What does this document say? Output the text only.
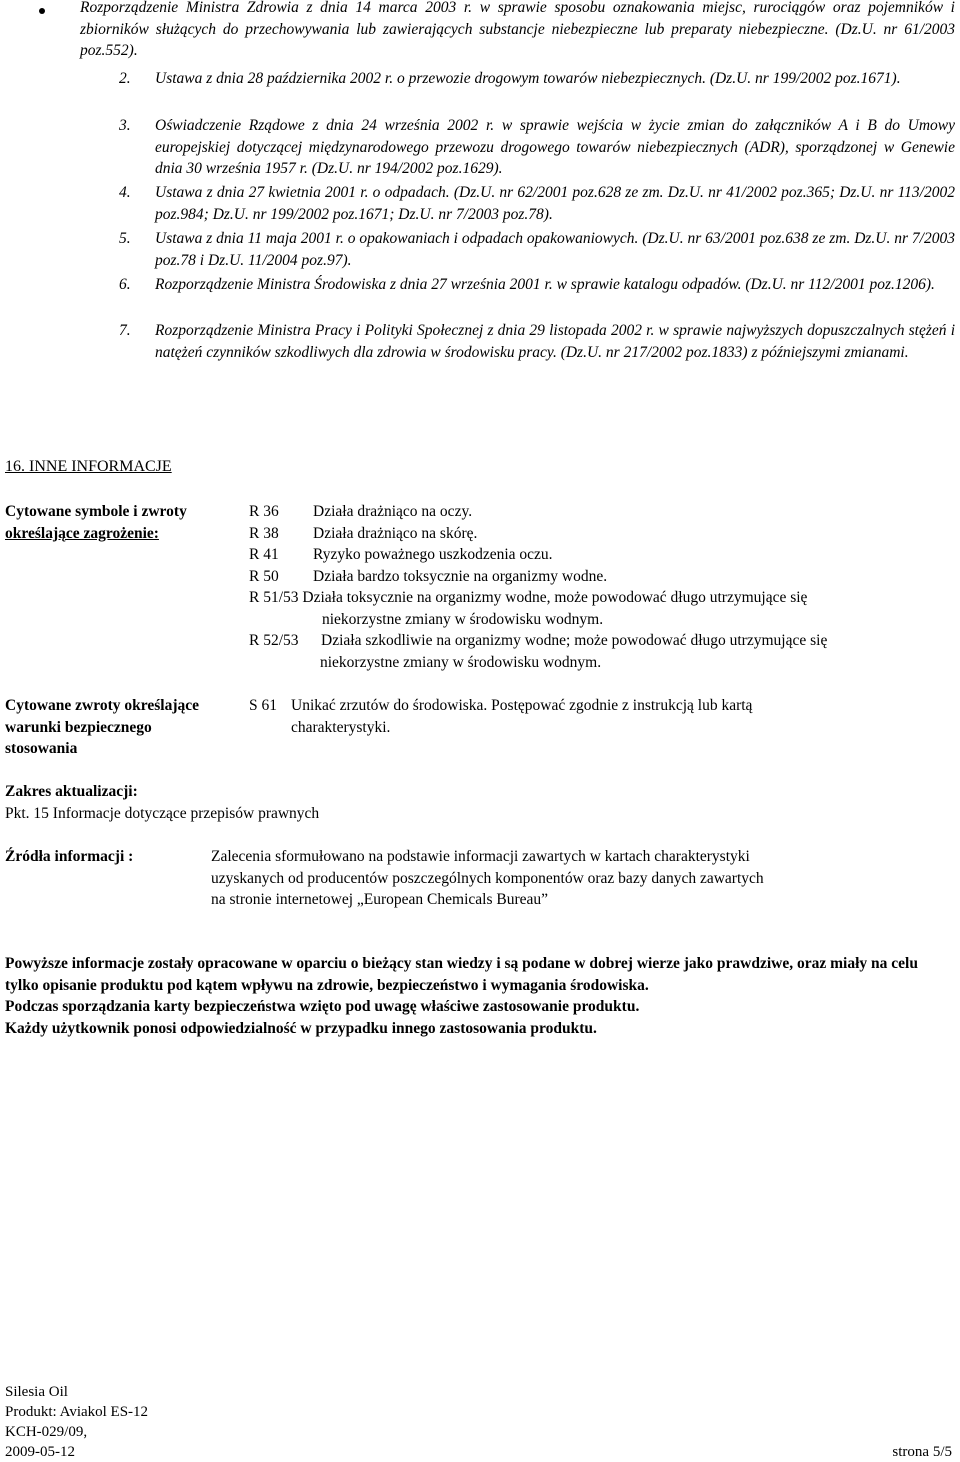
Rozporządzenie Ministra Zdrowia z dnia 14 marca 2003 r. w sprawie sposobu oznakowania miejsc, rurociągów oraz pojemników i zbiorników służących do przechowywania lub zawierających substancje niebezpieczne lub preparaty niebezpieczne. (Dz.U. nr 61/2003 poz.552).
2. Ustawa z dnia 28 października 2002 r. o przewozie drogowym towarów niebezpiecznych. (Dz.U. nr 199/2002 poz.1671).
3. Oświadczenie Rządowe z dnia 24 września 2002 r. w sprawie wejścia w życie zmian do załączników A i B do Umowy europejskiej dotyczącej międzynarodowego przewozu drogowego towarów niebezpiecznych (ADR), sporządzonej w Genewie dnia 30 września 1957 r. (Dz.U. nr 194/2002 poz.1629).
4. Ustawa z dnia 27 kwietnia 2001 r. o odpadach. (Dz.U. nr 62/2001 poz.628 ze zm. Dz.U. nr 41/2002 poz.365; Dz.U. nr 113/2002 poz.984; Dz.U. nr 199/2002 poz.1671; Dz.U. nr 7/2003 poz.78).
5. Ustawa z dnia 11 maja 2001 r. o opakowaniach i odpadach opakowaniowych. (Dz.U. nr 63/2001 poz.638 ze zm. Dz.U. nr 7/2003 poz.78 i Dz.U. 11/2004 poz.97).
6. Rozporządzenie Ministra Środowiska z dnia 27 września 2001 r. w sprawie katalogu odpadów. (Dz.U. nr 112/2001 poz.1206).
7. Rozporządzenie Ministra Pracy i Polityki Społecznej z dnia 29 listopada 2002 r. w sprawie najwyższych dopuszczalnych stężeń i natężeń czynników szkodliwych dla zdrowia w środowisku pracy. (Dz.U. nr 217/2002 poz.1833) z późniejszymi zmianami.
16. INNE INFORMACJE
Cytowane symbole i zwroty
określające zagrożenie:
R 36 Działa drażniąco na oczy.
R 38 Działa drażniąco na skórę.
R 41 Ryzyko poważnego uszkodzenia oczu.
R 50 Działa bardzo toksycznie na organizmy wodne.
R 51/53 Działa toksycznie na organizmy wodne, może powodować długo utrzymujące się
niekorzystne zmiany w środowisku wodnym.
R 52/53 Działa szkodliwie na organizmy wodne; może powodować długo utrzymujące się
niekorzystne zmiany w środowisku wodnym.
Cytowane zwroty określające
warunki bezpiecznego
stosowania
S 61 Unikać zrzutów do środowiska. Postępować zgodnie z instrukcją lub kartą
charakterystyki.
Zakres aktualizacji:
Pkt. 15 Informacje dotyczące przepisów prawnych
Źródła informacji :	Zalecenia sformułowano na podstawie informacji zawartych w kartach charakterystyki
uzyskanych od producentów poszczególnych komponentów oraz bazy danych zawartych
na stronie internetowej „European Chemicals Bureau”
Powyższe informacje zostały opracowane w oparciu o bieżący stan wiedzy i są podane w dobrej wierze jako prawdziwe, oraz miały na celu tylko opisanie produktu pod kątem wpływu na zdrowie, bezpieczeństwo i wymagania środowiska.
Podczas sporządzania karty bezpieczeństwa wzięto pod uwagę właściwe zastosowanie produktu.
Każdy użytkownik ponosi odpowiedzialność w przypadku innego zastosowania produktu.
Silesia Oil
Produkt: Aviakol ES-12
KCH-029/09,
2009-05-12	strona 5/5
